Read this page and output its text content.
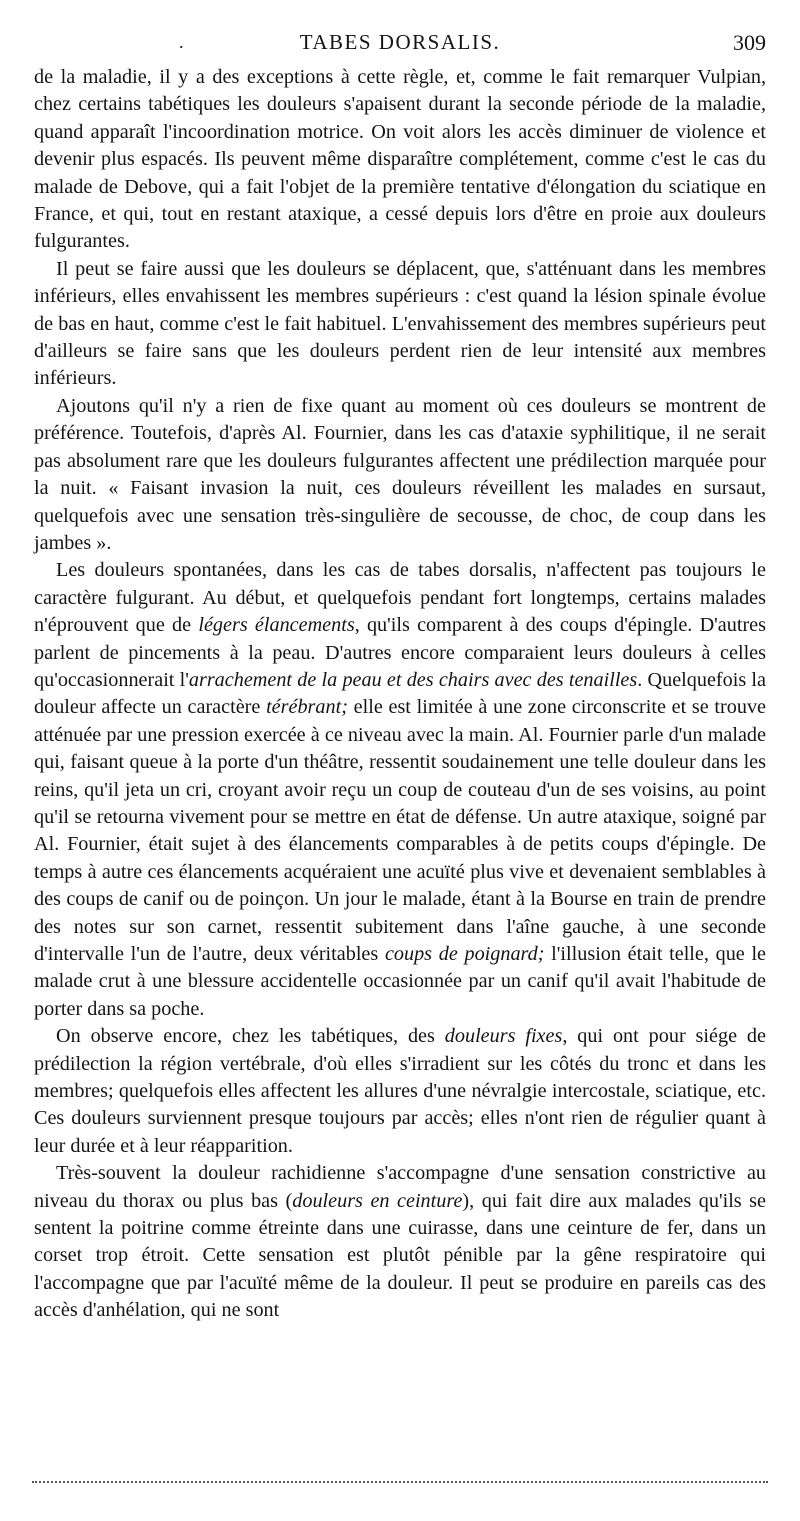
.	TABES DORSALIS.	309

de la maladie, il y a des exceptions à cette règle, et, comme le fait remarquer Vulpian, chez certains tabétiques les douleurs s'apaisent durant la seconde période de la maladie, quand apparaît l'incoordination motrice. On voit alors les accès diminuer de violence et devenir plus espacés. Ils peuvent même disparaître complétement, comme c'est le cas du malade de Debove, qui a fait l'objet de la première tentative d'élongation du sciatique en France, et qui, tout en restant ataxique, a cessé depuis lors d'être en proie aux douleurs fulgurantes.

Il peut se faire aussi que les douleurs se déplacent, que, s'atténuant dans les membres inférieurs, elles envahissent les membres supérieurs : c'est quand la lésion spinale évolue de bas en haut, comme c'est le fait habituel. L'envahissement des membres supérieurs peut d'ailleurs se faire sans que les douleurs perdent rien de leur intensité aux membres inférieurs.

Ajoutons qu'il n'y a rien de fixe quant au moment où ces douleurs se montrent de préférence. Toutefois, d'après Al. Fournier, dans les cas d'ataxie syphilitique, il ne serait pas absolument rare que les douleurs fulgurantes affectent une prédilection marquée pour la nuit. « Faisant invasion la nuit, ces douleurs réveillent les malades en sursaut, quelquefois avec une sensation très-singulière de secousse, de choc, de coup dans les jambes ».

Les douleurs spontanées, dans les cas de tabes dorsalis, n'affectent pas toujours le caractère fulgurant. Au début, et quelquefois pendant fort longtemps, certains malades n'éprouvent que de légers élancements, qu'ils comparent à des coups d'épingle. D'autres parlent de pincements à la peau. D'autres encore comparaient leurs douleurs à celles qu'occasionnerait l'arrachement de la peau et des chairs avec des tenailles. Quelquefois la douleur affecte un caractère térébrant; elle est limitée à une zone circonscrite et se trouve atténuée par une pression exercée à ce niveau avec la main. Al. Fournier parle d'un malade qui, faisant queue à la porte d'un théâtre, ressentit soudainement une telle douleur dans les reins, qu'il jeta un cri, croyant avoir reçu un coup de couteau d'un de ses voisins, au point qu'il se retourna vivement pour se mettre en état de défense. Un autre ataxique, soigné par Al. Fournier, était sujet à des élancements comparables à de petits coups d'épingle. De temps à autre ces élancements acquéraient une acuïté plus vive et devenaient semblables à des coups de canif ou de poinçon. Un jour le malade, étant à la Bourse en train de prendre des notes sur son carnet, ressentit subitement dans l'aîne gauche, à une seconde d'intervalle l'un de l'autre, deux véritables coups de poignard; l'illusion était telle, que le malade crut à une blessure accidentelle occasionnée par un canif qu'il avait l'habitude de porter dans sa poche.

On observe encore, chez les tabétiques, des douleurs fixes, qui ont pour siége de prédilection la région vertébrale, d'où elles s'irradient sur les côtés du tronc et dans les membres; quelquefois elles affectent les allures d'une névralgie intercostale, sciatique, etc. Ces douleurs surviennent presque toujours par accès; elles n'ont rien de régulier quant à leur durée et à leur réapparition.

Très-souvent la douleur rachidienne s'accompagne d'une sensation constrictive au niveau du thorax ou plus bas (douleurs en ceinture), qui fait dire aux malades qu'ils se sentent la poitrine comme étreinte dans une cuirasse, dans une ceinture de fer, dans un corset trop étroit. Cette sensation est plutôt pénible par la gêne respiratoire qui l'accompagne que par l'acuïté même de la douleur. Il peut se produire en pareils cas des accès d'anhélation, qui ne sont
